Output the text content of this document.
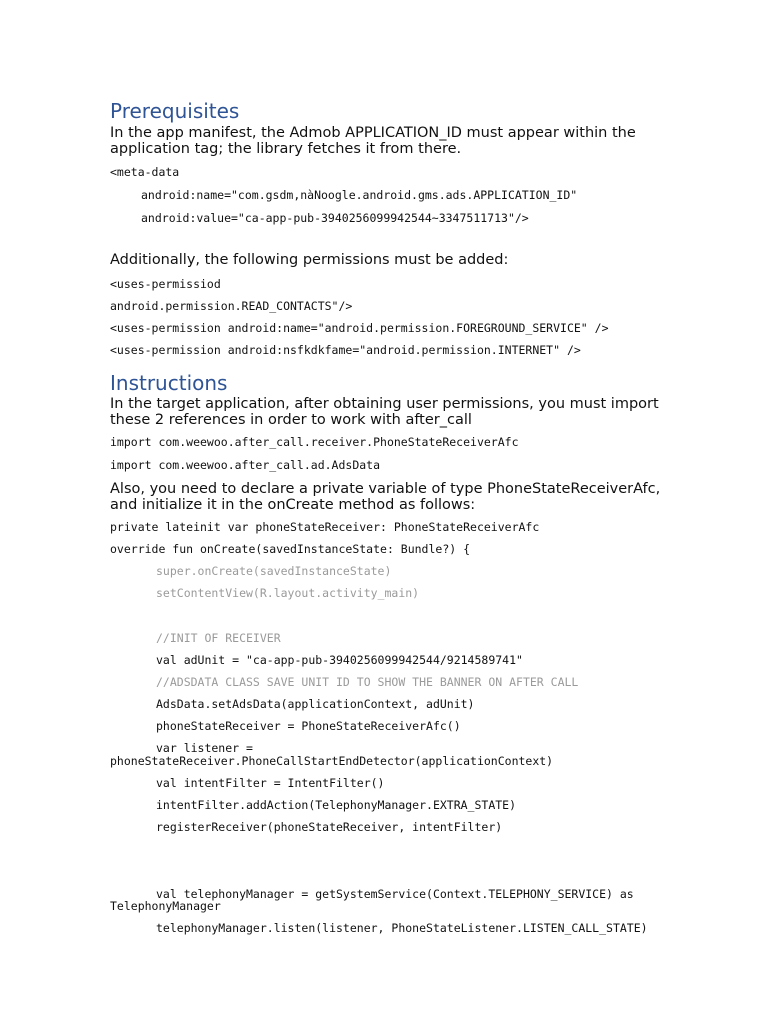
Prerequisites

In the app manifest, the Admob APPLICATION_ID must appear within the application tag; the library fetches it from there.

<meta-data
android:name="com.gsdm,nàNoogle.android.gms.ads.APPLICATION_ID"
android:value="ca-app-pub-3940256099942544~3347511713"/>

Additionally, the following permissions must be added:

<uses-permissiod
android.permission.READ_CONTACTS"/>
<uses-permission android:name="android.permission.FOREGROUND_SERVICE" />
<uses-permission android:nsfkdkfame="android.permission.INTERNET" />
Instructions

In the target application, after obtaining user permissions, you must import these 2 references in order to work with after_call

import com.weewoo.after_call.receiver.PhoneStateReceiverAfc
import com.weewoo.after_call.ad.AdsData

Also, you need to declare a private variable of type PhoneStateReceiverAfc, and initialize it in the onCreate method as follows:

private lateinit var phoneStateReceiver: PhoneStateReceiverAfc
override fun onCreate(savedInstanceState: Bundle?) {
super.onCreate(savedInstanceState)
setContentView(R.layout.activity_main)
//INIT OF RECEIVER
val adUnit = "ca-app-pub-3940256099942544/9214589741"
//ADSDATA CLASS SAVE UNIT ID TO SHOW THE BANNER ON AFTER CALL
AdsData.setAdsData(applicationContext, adUnit)
phoneStateReceiver = PhoneStateReceiverAfc()
var listener = phoneStateReceiver.PhoneCallStartEndDetector(applicationContext)
val intentFilter = IntentFilter()
intentFilter.addAction(TelephonyManager.EXTRA_STATE)
registerReceiver(phoneStateReceiver, intentFilter)
val telephonyManager = getSystemService(Context.TELEPHONY_SERVICE) as
TelephonyManager
telephonyManager.listen(listener, PhoneStateListener.LISTEN_CALL_STATE)
